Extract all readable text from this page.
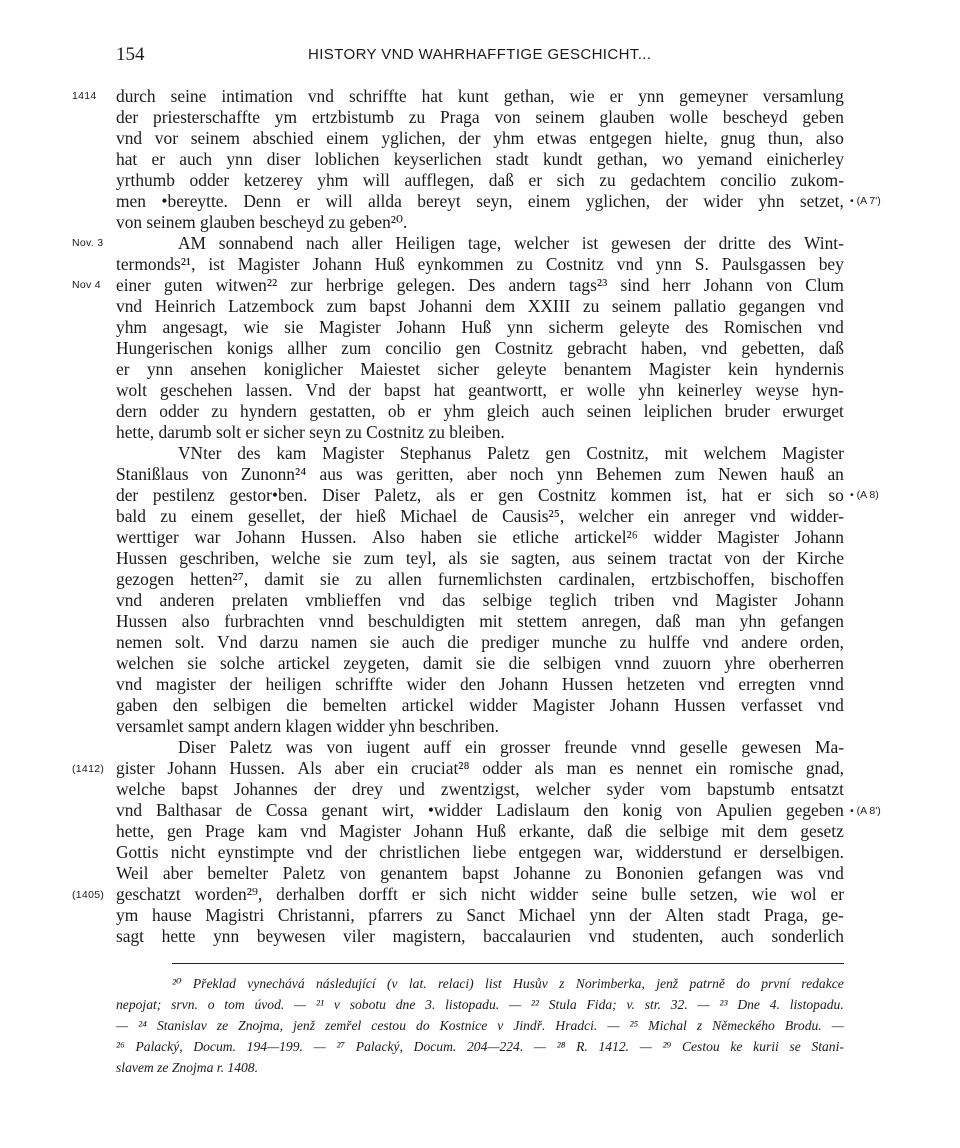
154	HISTORY VND WAHRHAFFTIGE GESCHICHT...
1414
Nov. 3
Nov 4
(1412)
(1405)
• (A 7')
• (A 8)
• (A 8')
durch seine intimation vnd schriffte hat kunt gethan, wie er ynn gemeyner versamlung
der priesterschaffte ym ertzbistumb zu Praga von seinem glauben wolle bescheyd geben
vnd vor seinem abschied einem yglichen, der yhm etwas entgegen hielte, gnug thun, also
hat er auch ynn diser loblichen keyserlichen stadt kundt gethan, wo yemand einicherley
yrthumb odder ketzerey yhm will aufflegen, daß er sich zu gedachtem concilio zukom-
men •bereytte. Denn er will allda bereyt seyn, einem yglichen, der wider yhn setzet,
von seinem glauben bescheyd zu geben²⁰.
AM sonnabend nach aller Heiligen tage, welcher ist gewesen der dritte des Wint-
termonds²¹, ist Magister Johann Huß eynkommen zu Costnitz vnd ynn S. Paulsgassen bey
einer guten witwen²² zur herbrige gelegen. Des andern tags²³ sind herr Johann von Clum
vnd Heinrich Latzembock zum bapst Johanni dem XXIII zu seinem pallatio gegangen vnd
yhm angesagt, wie sie Magister Johann Huß ynn sicherm geleyte des Romischen vnd
Hungerischen konigs allher zum concilio gen Costnitz gebracht haben, vnd gebetten, daß
er ynn ansehen koniglicher Maiestet sicher geleyte benantem Magister kein hyndernis
wolt geschehen lassen. Vnd der bapst hat geantwortt, er wolle yhn keinerley weyse hyn-
dern odder zu hyndern gestatten, ob er yhm gleich auch seinen leiplichen bruder erwurget
hette, darumb solt er sicher seyn zu Costnitz zu bleiben.
VNter des kam Magister Stephanus Paletz gen Costnitz, mit welchem Magister
Stanißlaus von Zunonn²⁴ aus was geritten, aber noch ynn Behemen zum Newen hauß an
der pestilenz gestor•ben. Diser Paletz, als er gen Costnitz kommen ist, hat er sich so
bald zu einem gesellet, der hieß Michael de Causis²⁵, welcher ein anreger vnd widder-
werttiger war Johann Hussen. Also haben sie etliche artickel²⁶ widder Magister Johann
Hussen geschriben, welche sie zum teyl, als sie sagten, aus seinem tractat von der Kirche
gezogen hetten²⁷, damit sie zu allen furnemlichsten cardinalen, ertzbischoffen, bischoffen
vnd anderen prelaten vmblieffen vnd das selbige teglich triben vnd Magister Johann
Hussen also furbrachten vnnd beschuldigten mit stettem anregen, daß man yhn gefangen
nemen solt. Vnd darzu namen sie auch die prediger munche zu hulffe vnd andere orden,
welchen sie solche artickel zeygeten, damit sie die selbigen vnnd zuuorn yhre oberherren
vnd magister der heiligen schriffte wider den Johann Hussen hetzeten vnd erregten vnnd
gaben den selbigen die bemelten artickel widder Magister Johann Hussen verfasset vnd
versamlet sampt andern klagen widder yhn beschriben.
Diser Paletz was von iugent auff ein grosser freunde vnnd geselle gewesen Ma-
gister Johann Hussen. Als aber ein cruciat²⁸ odder als man es nennet ein romische gnad,
welche bapst Johannes der drey und zwentzigst, welcher syder vom bapstumb entsatzt
vnd Balthasar de Cossa genant wirt, •widder Ladislaum den konig von Apulien gegeben
hette, gen Prage kam vnd Magister Johann Huß erkante, daß die selbige mit dem gesetz
Gottis nicht eynstimpte vnd der christlichen liebe entgegen war, widderstund er derselbigen.
Weil aber bemelter Paletz von genantem bapst Johanne zu Bononien gefangen was vnd
geschatzt worden²⁹, derhalben dorfft er sich nicht widder seine bulle setzen, wie wol er
ym hause Magistri Christanni, pfarrers zu Sanct Michael ynn der Alten stadt Praga, ge-
sagt hette ynn beywesen viler magistern, baccalaurien vnd studenten, auch sonderlich
²⁰ Překlad vynechává následující (v lat. relaci) list Husův z Norimberka, jenž patrně do první redakce
nepojat; srvn. o tom úvod. — ²¹ v sobotu dne 3. listopadu. — ²² Stula Fida; v. str. 32. — ²³ Dne 4. listopadu.
— ²⁴ Stanislav ze Znojma, jenž zemřel cestou do Kostnice v Jindř. Hradci. — ²⁵ Michal z Německého Brodu. —
²⁶ Palacký, Docum. 194—199. — ²⁷ Palacký, Docum. 204—224. — ²⁸ R. 1412. — ²⁹ Cestou ke kurii se Stani-
slavem ze Znojma r. 1408.
